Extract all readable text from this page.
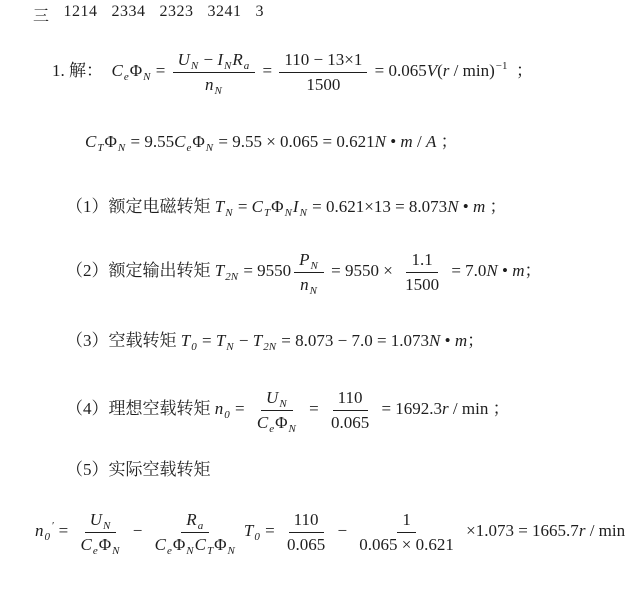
三 1214 2334 2323 3241 3
1. 解：  $C_e\Phi_N = \frac{U_N - I_NR_a}{n_N} = \frac{110 - 13\times 1}{1500} = 0.065V(r / \min)^{-1}$  ；
$C_T\Phi_N = 9.55C_e\Phi_N = 9.55 \times 0.065 = 0.621N$ • m / A ；
（1）额定电磁转矩 $T_N = C_T\Phi_NI_N = 0.621\times 13 = 8.073N$ • m ；
（2）额定输出转矩 $T_{2N} = 9550 \frac{P_N}{n_N} = 9550 \times \frac{1.1}{1500} = 7.0N$ • m；
（3）空载转矩 $T_0 = T_N - T_{2N} = 8.073 - 7.0 = 1.073N$ • m；
（4）理想空载转矩 $n_0 = \frac{U_N}{C_e\Phi_N} = \frac{110}{0.065} = 1692.3r / \min$ ；
（5）实际空载转矩
$n_0' = \frac{U_N}{C_e\Phi_N} - \frac{R_a}{C_e\Phi_NC_T\Phi_N} T_0 = \frac{110}{0.065} - \frac{1}{0.065 \times 0.621} \times 1.073 = 1665.7r / \min$
